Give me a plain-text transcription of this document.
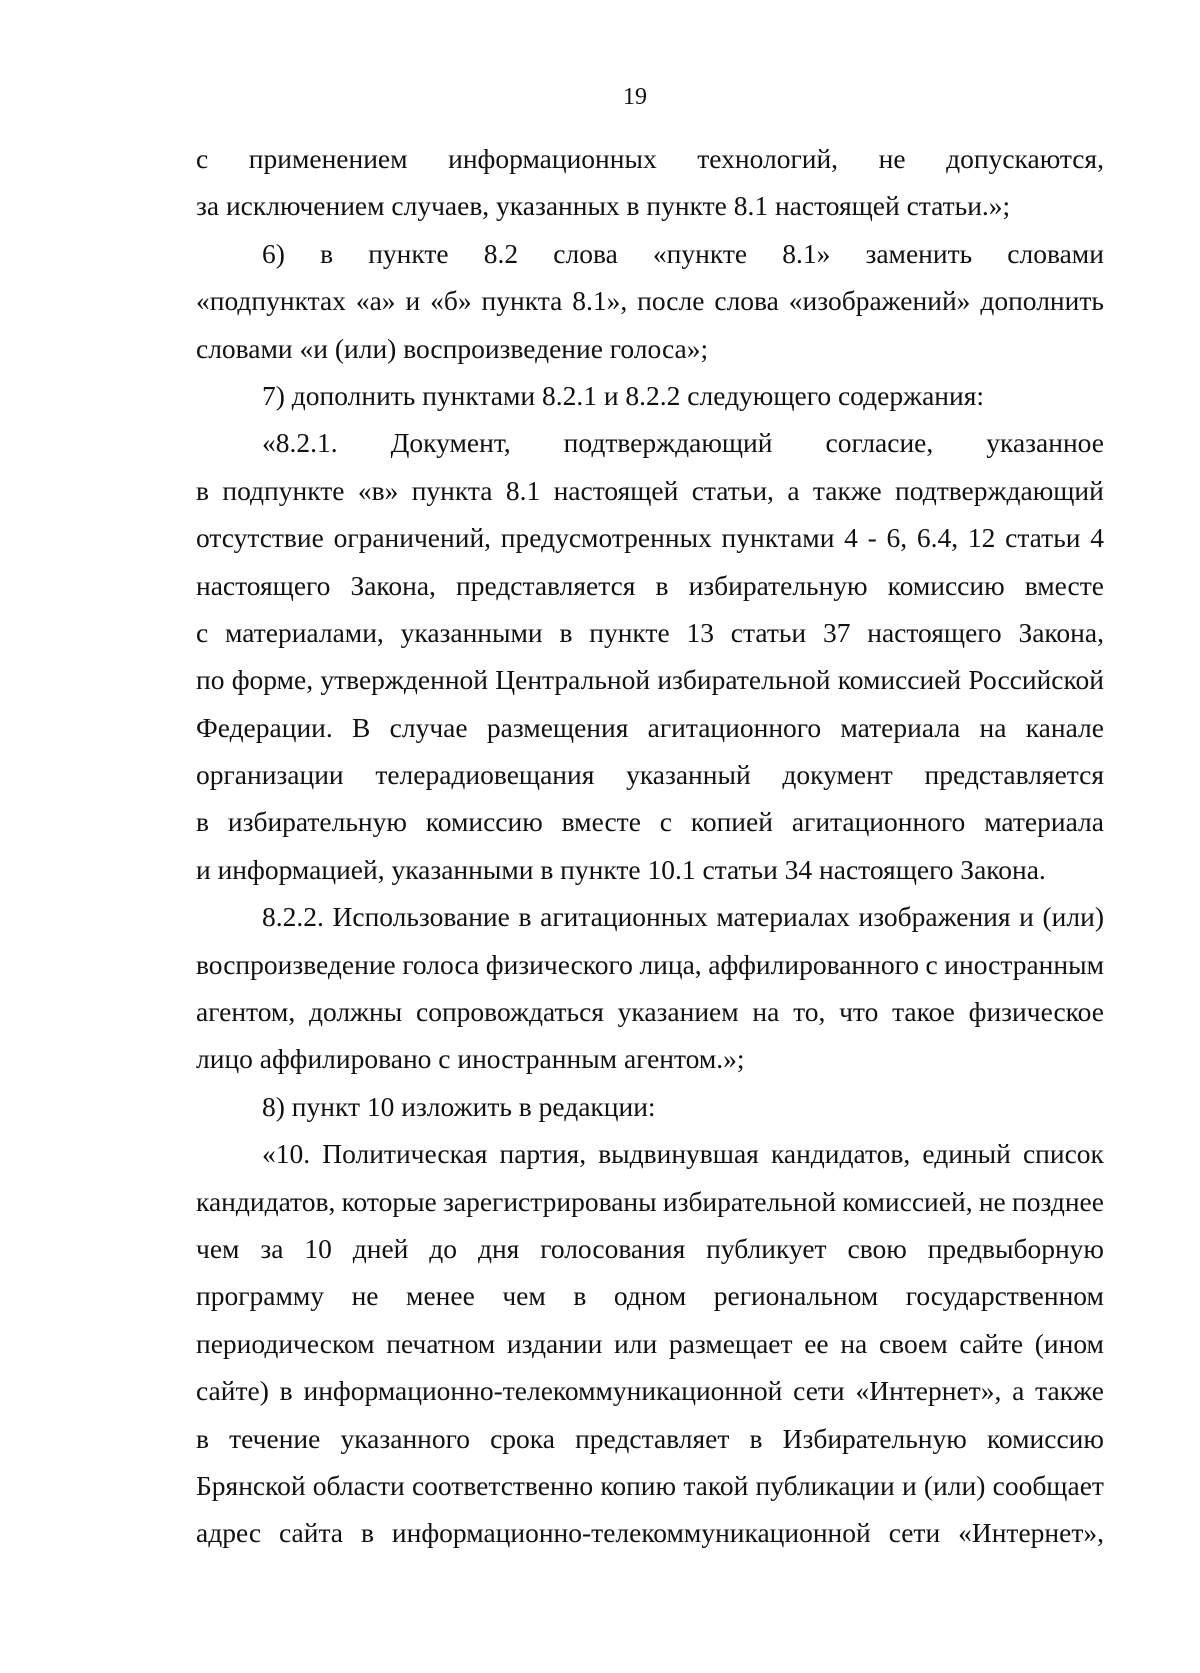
19
с применением информационных технологий, не допускаются,
за исключением случаев, указанных в пункте 8.1 настоящей статьи.»;
6) в пункте 8.2 слова «пункте 8.1» заменить словами
«подпунктах «а» и «б» пункта 8.1», после слова «изображений» дополнить
словами «и (или) воспроизведение голоса»;
7) дополнить пунктами 8.2.1 и 8.2.2 следующего содержания:
«8.2.1. Документ, подтверждающий согласие, указанное
в подпункте «в» пункта 8.1 настоящей статьи, а также подтверждающий
отсутствие ограничений, предусмотренных пунктами 4 - 6, 6.4, 12 статьи 4
настоящего Закона, представляется в избирательную комиссию вместе
с материалами, указанными в пункте 13 статьи 37 настоящего Закона,
по форме, утвержденной Центральной избирательной комиссией Российской
Федерации. В случае размещения агитационного материала на канале
организации телерадиовещания указанный документ представляется
в избирательную комиссию вместе с копией агитационного материала
и информацией, указанными в пункте 10.1 статьи 34 настоящего Закона.
8.2.2. Использование в агитационных материалах изображения и (или)
воспроизведение голоса физического лица, аффилированного с иностранным
агентом, должны сопровождаться указанием на то, что такое физическое
лицо аффилировано с иностранным агентом.»;
8) пункт 10 изложить в редакции:
«10. Политическая партия, выдвинувшая кандидатов, единый список
кандидатов, которые зарегистрированы избирательной комиссией, не позднее
чем за 10 дней до дня голосования публикует свою предвыборную
программу не менее чем в одном региональном государственном
периодическом печатном издании или размещает ее на своем сайте (ином
сайте) в информационно-телекоммуникационной сети «Интернет», а также
в течение указанного срока представляет в Избирательную комиссию
Брянской области соответственно копию такой публикации и (или) сообщает
адрес сайта в информационно-телекоммуникационной сети «Интернет»,
